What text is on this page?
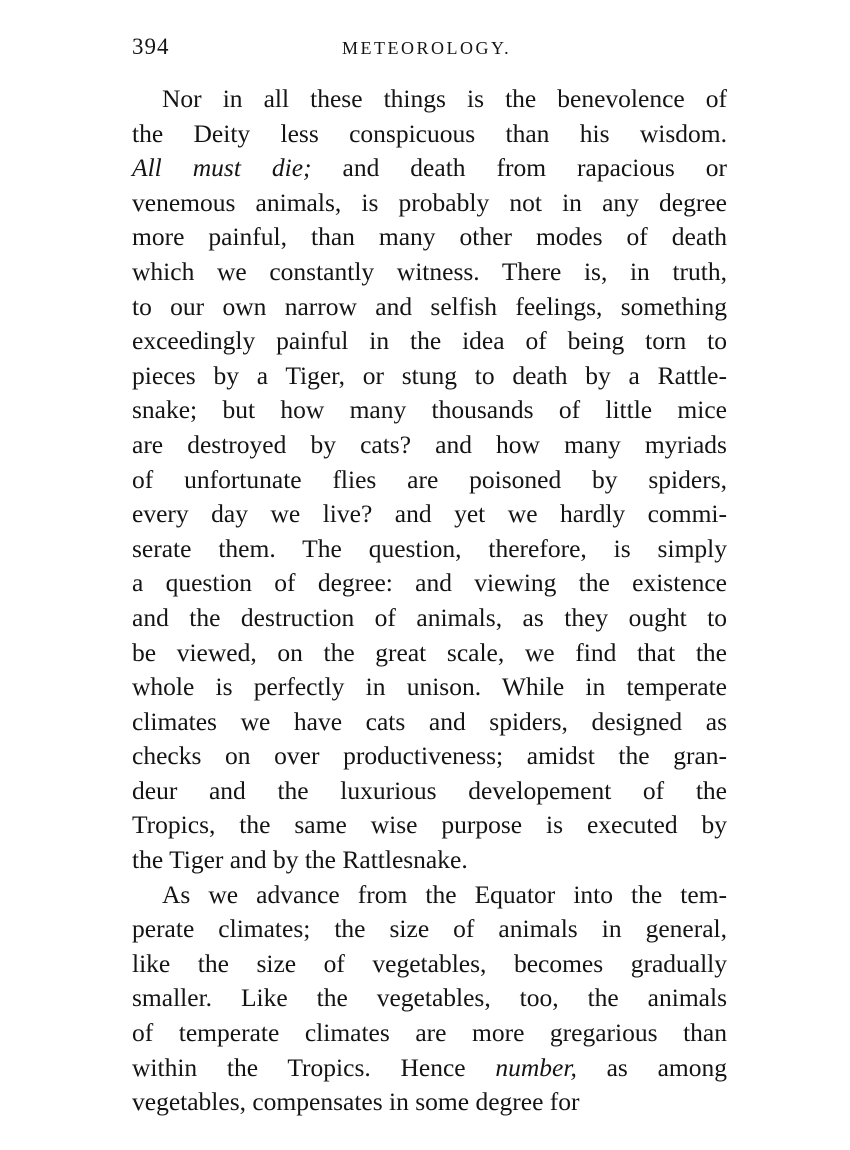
394	METEOROLOGY.
Nor in all these things is the benevolence of
the Deity less conspicuous than his wisdom.
All must die; and death from rapacious or
venemous animals, is probably not in any degree
more painful, than many other modes of death
which we constantly witness. There is, in truth,
to our own narrow and selfish feelings, something
exceedingly painful in the idea of being torn to
pieces by a Tiger, or stung to death by a Rattle-
snake; but how many thousands of little mice
are destroyed by cats? and how many myriads
of unfortunate flies are poisoned by spiders,
every day we live? and yet we hardly commi-
serate them. The question, therefore, is simply
a question of degree: and viewing the existence
and the destruction of animals, as they ought to
be viewed, on the great scale, we find that the
whole is perfectly in unison. While in temperate
climates we have cats and spiders, designed as
checks on over productiveness; amidst the gran-
deur and the luxurious developement of the
Tropics, the same wise purpose is executed by
the Tiger and by the Rattlesnake.
As we advance from the Equator into the tem-
perate climates; the size of animals in general,
like the size of vegetables, becomes gradually
smaller. Like the vegetables, too, the animals
of temperate climates are more gregarious than
within the Tropics. Hence number, as among
vegetables, compensates in some degree for
